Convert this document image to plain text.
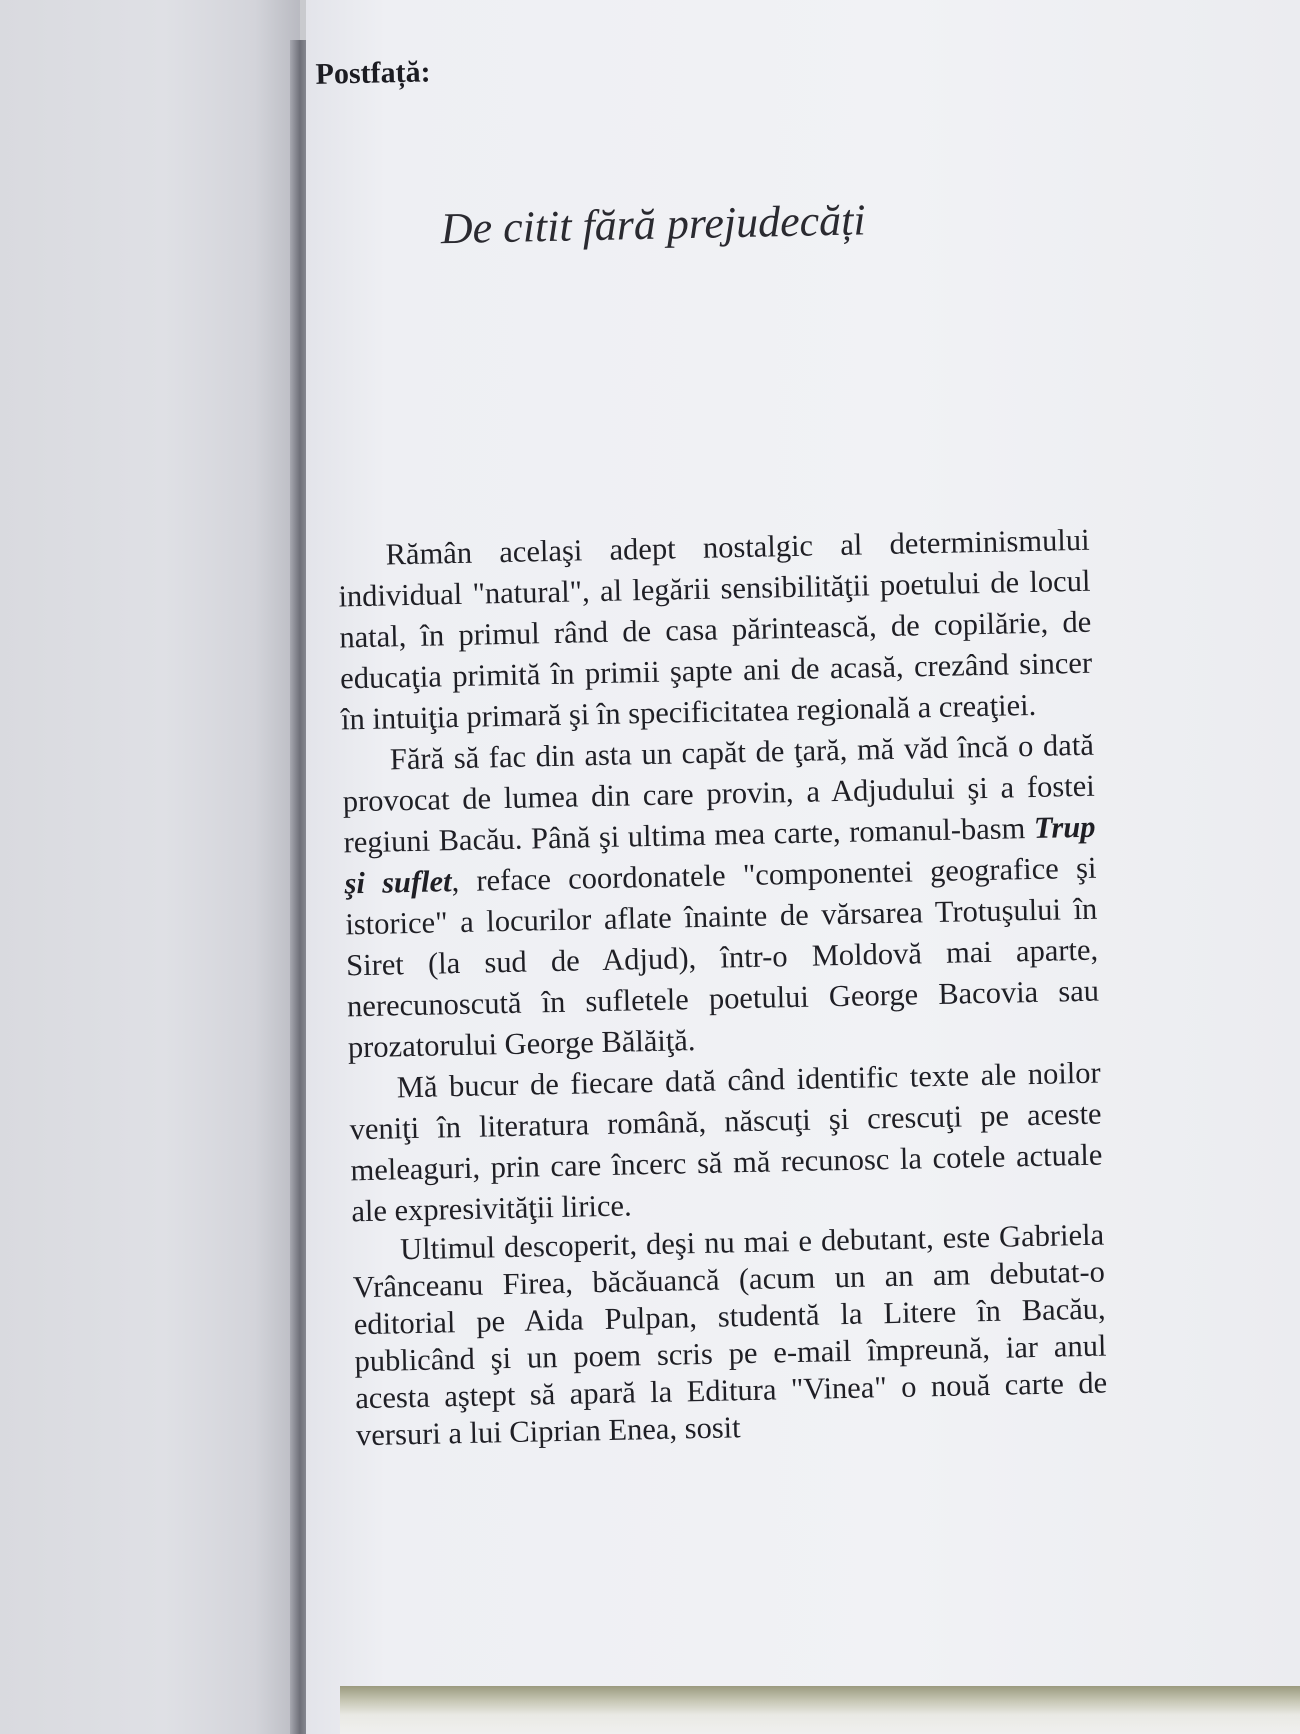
Postfață:
De citit fără prejudecăți

Rămân acelaşi adept nostalgic al determinismului individual "natural", al legării sensibilităţii poetului de locul natal, în primul rând de casa părintească, de copilărie, de educaţia primită în primii şapte ani de acasă, crezând sincer în intuiţia primară şi în specificitatea regională a creaţiei.

Fără să fac din asta un capăt de ţară, mă văd încă o dată provocat de lumea din care provin, a Adjudului şi a fostei regiuni Bacău. Până şi ultima mea carte, romanul-basm Trup şi suflet, reface coordonatele "componentei geografice şi istorice" a locurilor aflate înainte de vărsarea Trotuşului în Siret (la sud de Adjud), într-o Moldovă mai aparte, nerecunoscută în sufletele poetului George Bacovia sau prozatorului George Bălăiţă.

Mă bucur de fiecare dată când identific texte ale noilor veniţi în literatura română, născuţi şi crescuţi pe aceste meleaguri, prin care încerc să mă recunosc la cotele actuale ale expresivităţii lirice.

Ultimul descoperit, deşi nu mai e debutant, este Gabriela Vrânceanu Firea, băcăuancă (acum un an am debutat-o editorial pe Aida Pulpan, studentă la Litere în Bacău, publicând şi un poem scris pe e-mail împreună, iar anul acesta aştept să apară la Editura "Vinea" o nouă carte de versuri a lui Ciprian Enea, sosit
